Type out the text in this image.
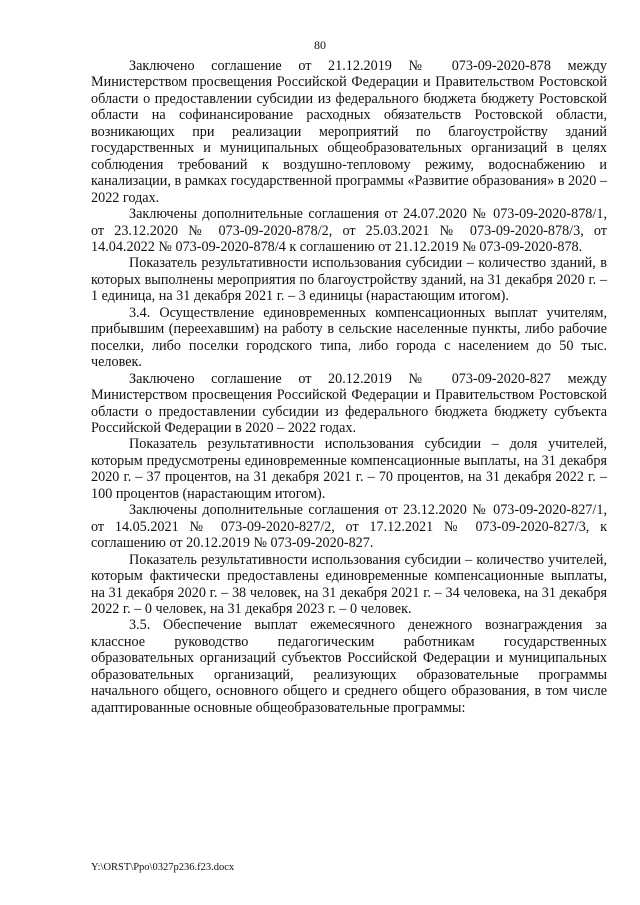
80

Заключено соглашение от 21.12.2019 № 073-09-2020-878 между Министерством просвещения Российской Федерации и Правительством Ростовской области о предоставлении субсидии из федерального бюджета бюджету Ростовской области на софинансирование расходных обязательств Ростовской области, возникающих при реализации мероприятий по благоустройству зданий государственных и муниципальных общеобразовательных организаций в целях соблюдения требований к воздушно-тепловому режиму, водоснабжению и канализации, в рамках государственной программы «Развитие образования» в 2020 – 2022 годах.

Заключены дополнительные соглашения от 24.07.2020 № 073-09-2020-878/1, от 23.12.2020 № 073-09-2020-878/2, от 25.03.2021 № 073-09-2020-878/3, от 14.04.2022 № 073-09-2020-878/4 к соглашению от 21.12.2019 № 073-09-2020-878.

Показатель результативности использования субсидии – количество зданий, в которых выполнены мероприятия по благоустройству зданий, на 31 декабря 2020 г. – 1 единица, на 31 декабря 2021 г. – 3 единицы (нарастающим итогом).

3.4. Осуществление единовременных компенсационных выплат учителям, прибывшим (переехавшим) на работу в сельские населенные пункты, либо рабочие поселки, либо поселки городского типа, либо города с населением до 50 тыс. человек.

Заключено соглашение от 20.12.2019 № 073-09-2020-827 между Министерством просвещения Российской Федерации и Правительством Ростовской области о предоставлении субсидии из федерального бюджета бюджету субъекта Российской Федерации в 2020 – 2022 годах.

Показатель результативности использования субсидии – доля учителей, которым предусмотрены единовременные компенсационные выплаты, на 31 декабря 2020 г. – 37 процентов, на 31 декабря 2021 г. – 70 процентов, на 31 декабря 2022 г. – 100 процентов (нарастающим итогом).

Заключены дополнительные соглашения от 23.12.2020 № 073-09-2020-827/1, от 14.05.2021 № 073-09-2020-827/2, от 17.12.2021 № 073-09-2020-827/3, к соглашению от 20.12.2019 № 073-09-2020-827.

Показатель результативности использования субсидии – количество учителей, которым фактически предоставлены единовременные компенсационные выплаты, на 31 декабря 2020 г. – 38 человек, на 31 декабря 2021 г. – 34 человека, на 31 декабря 2022 г. – 0 человек, на 31 декабря 2023 г. – 0 человек.

3.5. Обеспечение выплат ежемесячного денежного вознаграждения за классное руководство педагогическим работникам государственных образовательных организаций субъектов Российской Федерации и муниципальных образовательных организаций, реализующих образовательные программы начального общего, основного общего и среднего общего образования, в том числе адаптированные основные общеобразовательные программы:

Y:\ORST\Ppo\0327p236.f23.docx
